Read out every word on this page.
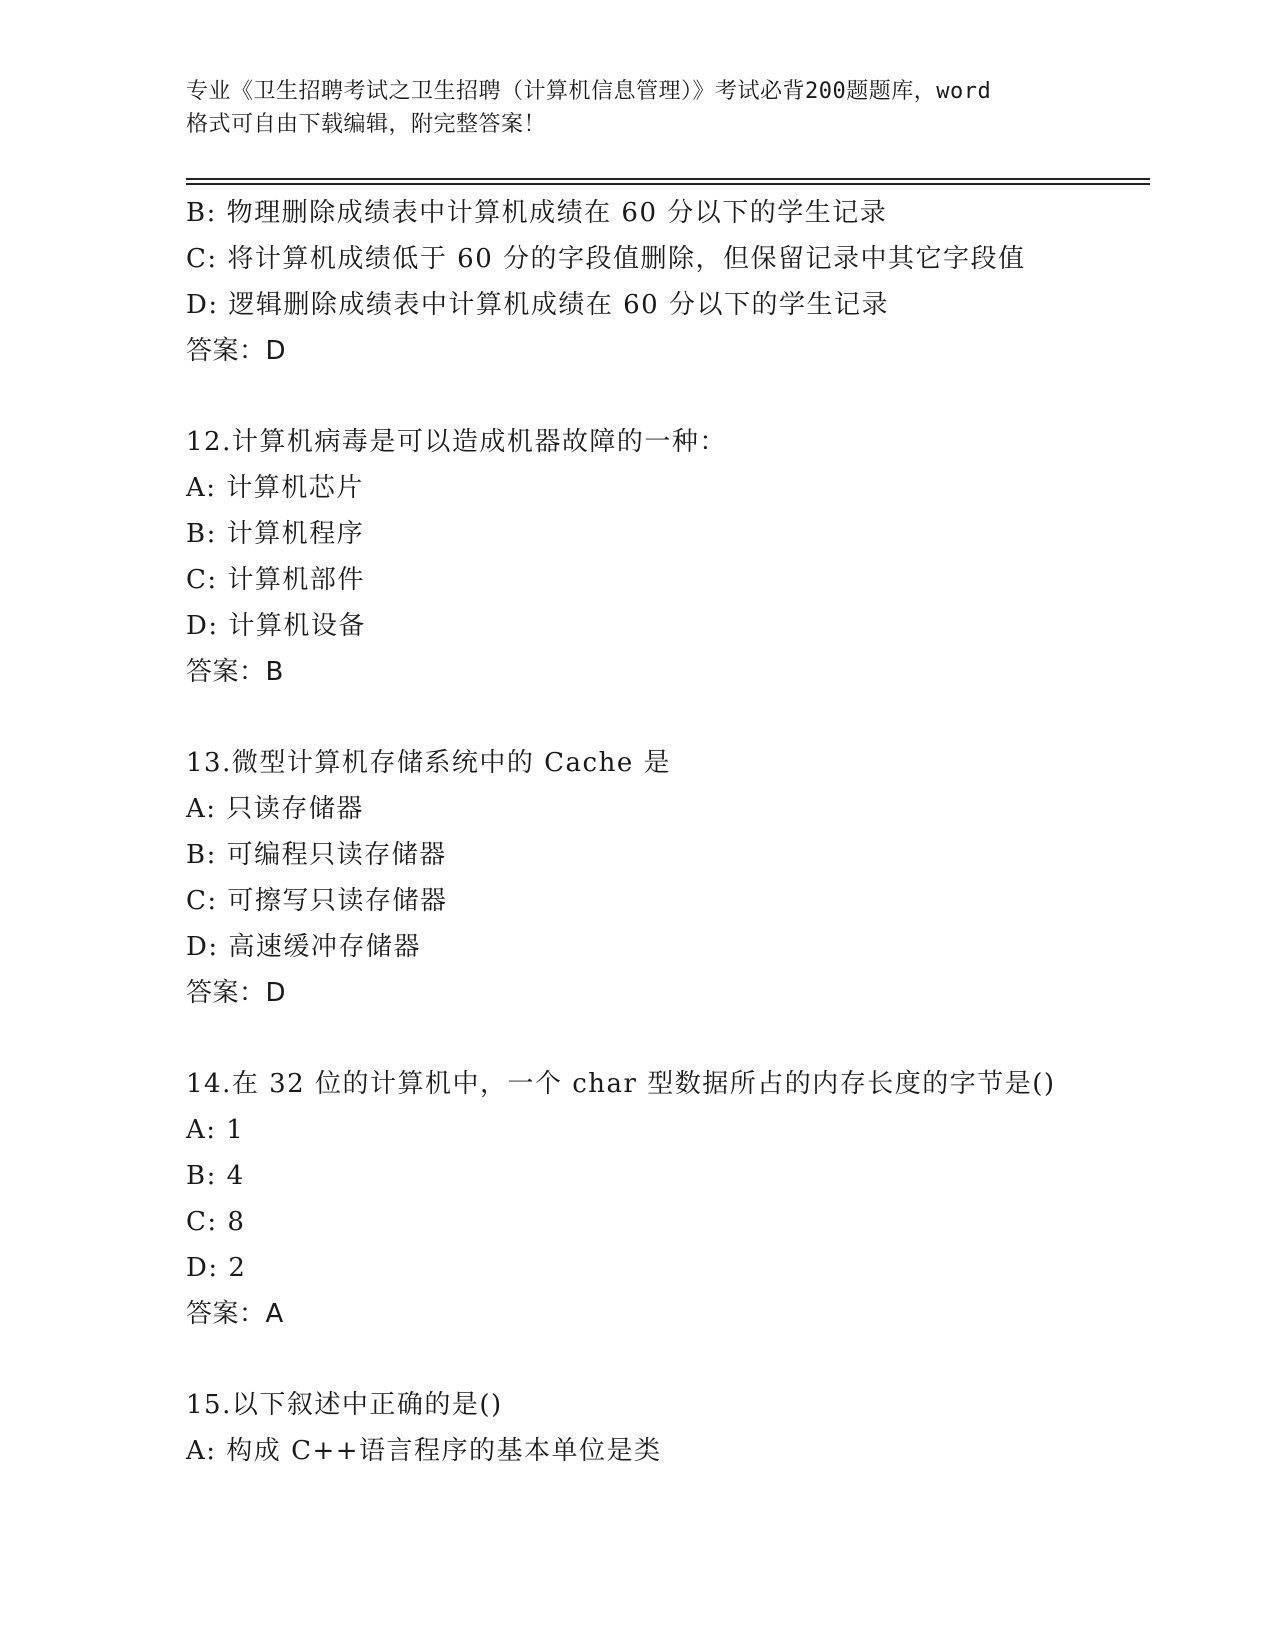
专业《卫生招聘考试之卫生招聘（计算机信息管理）》考试必背200题题库，word
格式可自由下载编辑，附完整答案！
B: 物理删除成绩表中计算机成绩在 60 分以下的学生记录
C: 将计算机成绩低于 60 分的字段值删除，但保留记录中其它字段值
D: 逻辑删除成绩表中计算机成绩在 60 分以下的学生记录
答案：D
12.计算机病毒是可以造成机器故障的一种：
A: 计算机芯片
B: 计算机程序
C: 计算机部件
D: 计算机设备
答案：B
13.微型计算机存储系统中的 Cache 是
A: 只读存储器
B: 可编程只读存储器
C: 可擦写只读存储器
D: 高速缓冲存储器
答案：D
14.在 32 位的计算机中，一个 char 型数据所占的内存长度的字节是()
A: 1
B: 4
C: 8
D: 2
答案：A
15.以下叙述中正确的是()
A: 构成 C++语言程序的基本单位是类
